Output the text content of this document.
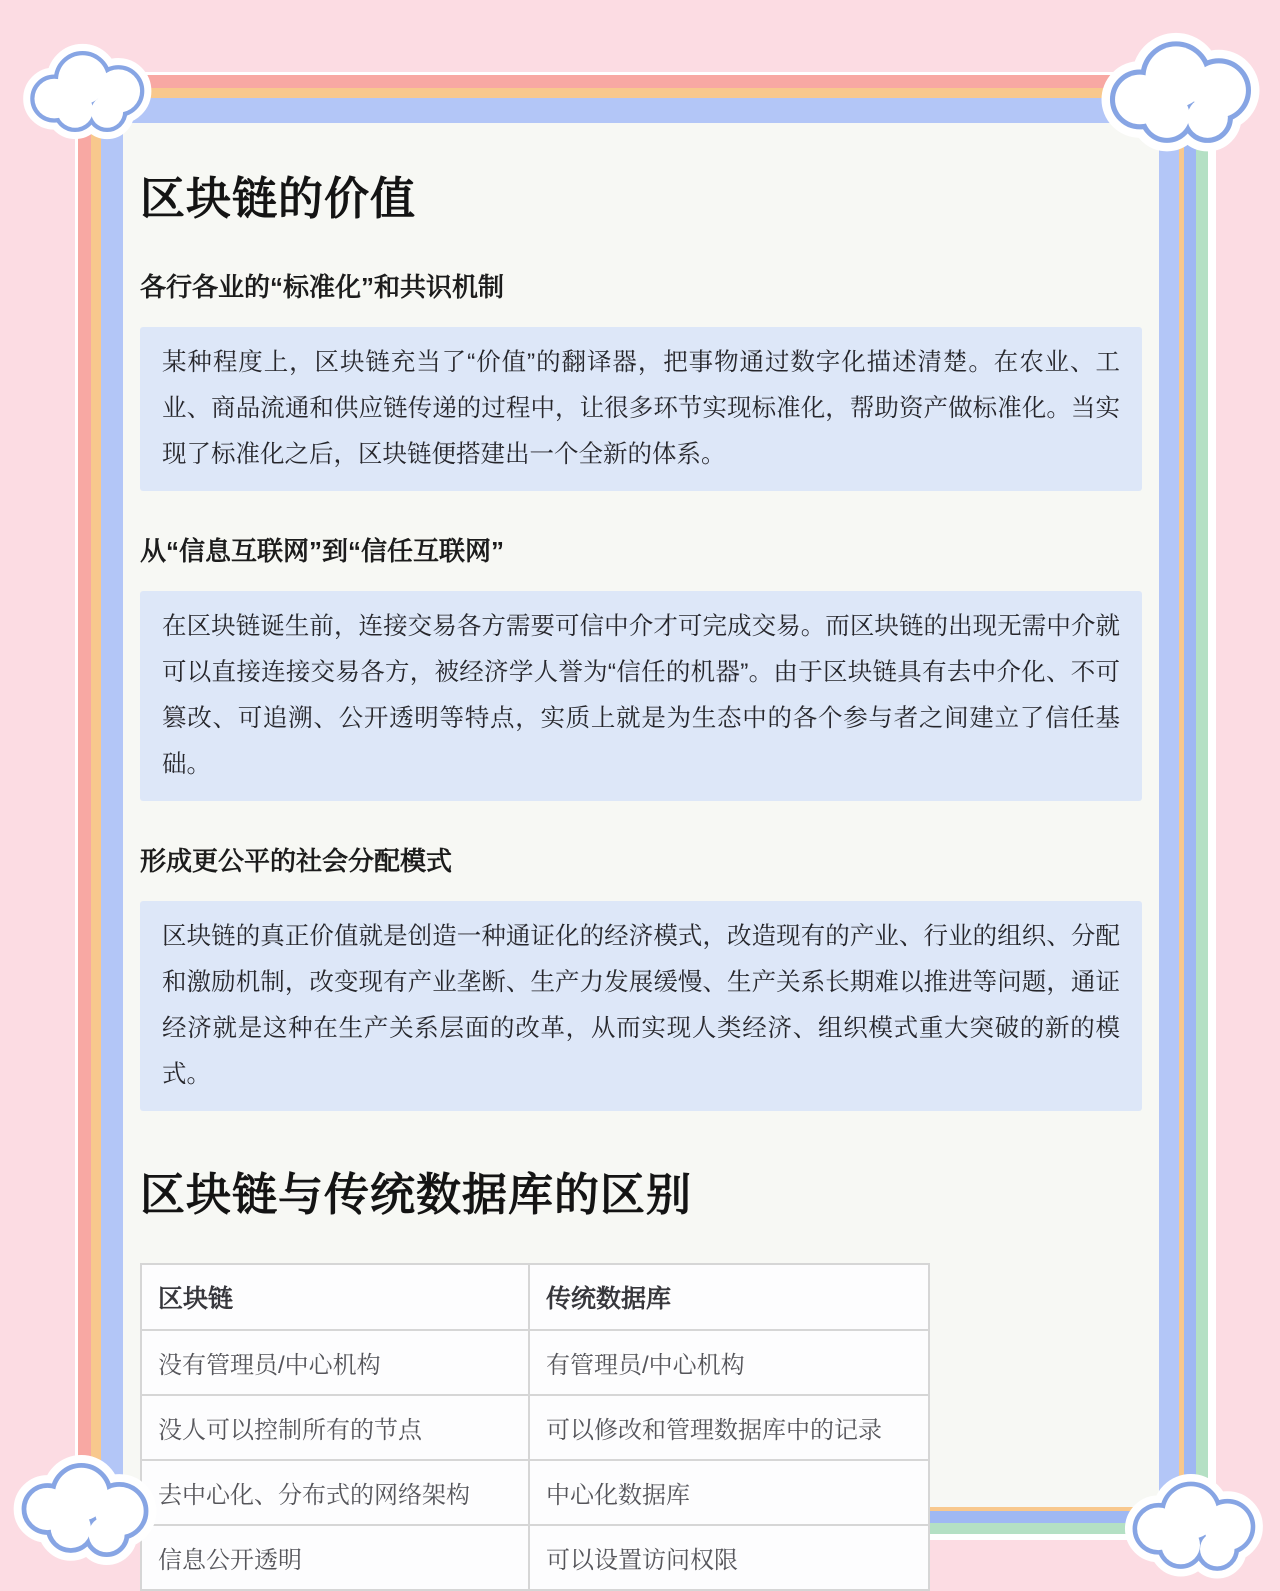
区块链的价值
各行各业的“标准化”和共识机制
某种程度上，区块链充当了“价值”的翻译器，把事物通过数字化描述清楚。在农业、工业、商品流通和供应链传递的过程中，让很多环节实现标准化，帮助资产做标准化。当实现了标准化之后，区块链便搭建出一个全新的体系。
从“信息互联网”到“信任互联网”
在区块链诞生前，连接交易各方需要可信中介才可完成交易。而区块链的出现无需中介就可以直接连接交易各方，被经济学人誉为“信任的机器”。由于区块链具有去中介化、不可篡改、可追溯、公开透明等特点，实质上就是为生态中的各个参与者之间建立了信任基础。
形成更公平的社会分配模式
区块链的真正价值就是创造一种通证化的经济模式，改造现有的产业、行业的组织、分配和激励机制，改变现有产业垄断、生产力发展缓慢、生产关系长期难以推进等问题，通证经济就是这种在生产关系层面的改革，从而实现人类经济、组织模式重大突破的新的模式。
区块链与传统数据库的区别
区块链	传统数据库
没有管理员/中心机构	有管理员/中心机构
没人可以控制所有的节点	可以修改和管理数据库中的记录
去中心化、分布式的网络架构	中心化数据库
信息公开透明	可以设置访问权限
